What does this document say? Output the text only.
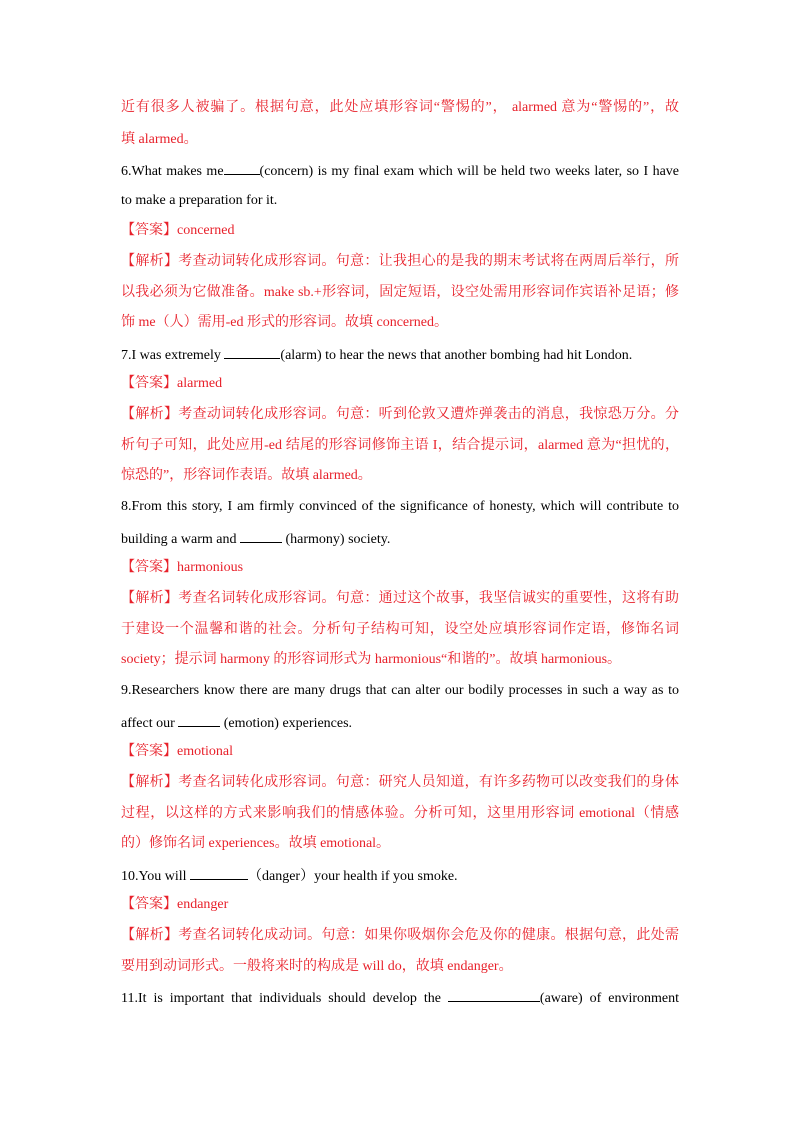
近有很多人被骗了。根据句意，此处应填形容词“警惕的”， alarmed 意为“警惕的”，故
填 alarmed。
6.What makes me	(concern) is my final exam which will be held two weeks later, so I have
to make a preparation for it.
【答案】concerned
【解析】考查动词转化成形容词。句意：让我担心的是我的期末考试将在两周后举行，所
以我必须为它做准备。make sb.+形容词，固定短语，设空处需用形容词作宾语补足语；修
饰 me（人）需用-ed 形式的形容词。故填 concerned。
7.I was extremely	(alarm) to hear the news that another bombing had hit London.
【答案】alarmed
【解析】考查动词转化成形容词。句意：听到伦敦又遭炸弹袭击的消息，我惊恐万分。分
析句子可知，此处应用-ed 结尾的形容词修饰主语 I，结合提示词，alarmed 意为“担忧的，
惊恐的”，形容词作表语。故填 alarmed。
8.From this story, I am firmly convinced of the significance of honesty, which will contribute to
building a warm and	(harmony) society.
【答案】harmonious
【解析】考查名词转化成形容词。句意：通过这个故事，我坚信诚实的重要性，这将有助
于建设一个温馨和谐的社会。分析句子结构可知，设空处应填形容词作定语，修饰名词
society；提示词 harmony 的形容词形式为 harmonious“和谐的”。故填 harmonious。
9.Researchers know there are many drugs that can alter our bodily processes in such a way as to
affect our	(emotion) experiences.
【答案】emotional
【解析】考查名词转化成形容词。句意：研究人员知道，有许多药物可以改变我们的身体
过程，以这样的方式来影响我们的情感体验。分析可知，这里用形容词 emotional（情感
的）修饰名词 experiences。故填 emotional。
10.You will	（danger）your health if you smoke.
【答案】endanger
【解析】考查名词转化成动词。句意：如果你吸烟你会危及你的健康。根据句意，此处需
要用到动词形式。一般将来时的构成是 will do，故填 endanger。
11.It is important that individuals should develop the	(aware) of environment
